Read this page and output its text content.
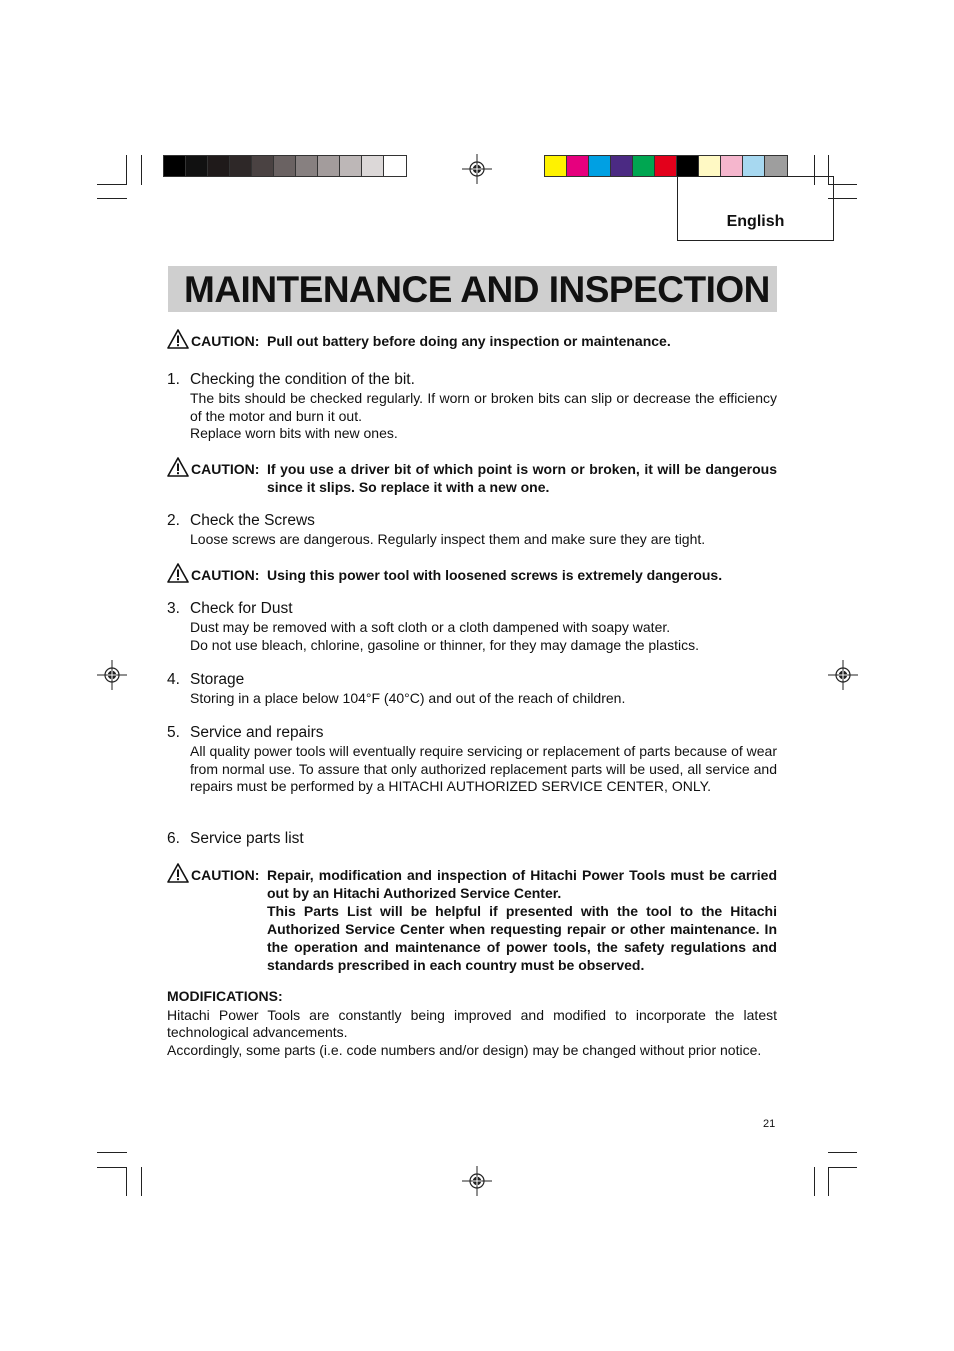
English
MAINTENANCE AND INSPECTION
CAUTION: Pull out battery before doing any inspection or maintenance.

1. Checking the condition of the bit.

The bits should be checked regularly. If worn or broken bits can slip or decrease the efficiency of the motor and burn it out.

Replace worn bits with new ones.

CAUTION: If you use a driver bit of which point is worn or broken, it will be dangerous since it slips. So replace it with a new one.

2. Check the Screws

Loose screws are dangerous. Regularly inspect them and make sure they are tight.

CAUTION: Using this power tool with loosened screws is extremely dangerous.

3. Check for Dust

Dust may be removed with a soft cloth or a cloth dampened with soapy water.

Do not use bleach, chlorine, gasoline or thinner, for they may damage the plastics.

4. Storage

Storing in a place below 104°F (40°C) and out of the reach of children.

5. Service and repairs

All quality power tools will eventually require servicing or replacement of parts because of wear from normal use. To assure that only authorized replacement parts will be used, all service and repairs must be performed by a HITACHI AUTHORIZED SERVICE CENTER, ONLY.

6. Service parts list
CAUTION: Repair, modification and inspection of Hitachi Power Tools must be carried out by an Hitachi Authorized Service Center.

This Parts List will be helpful if presented with the tool to the Hitachi Authorized Service Center when requesting repair or other maintenance. In the operation and maintenance of power tools, the safety regulations and standards prescribed in each country must be observed.

MODIFICATIONS:

Hitachi Power Tools are constantly being improved and modified to incorporate the latest technological advancements.

Accordingly, some parts (i.e. code numbers and/or design) may be changed without prior notice.

21
